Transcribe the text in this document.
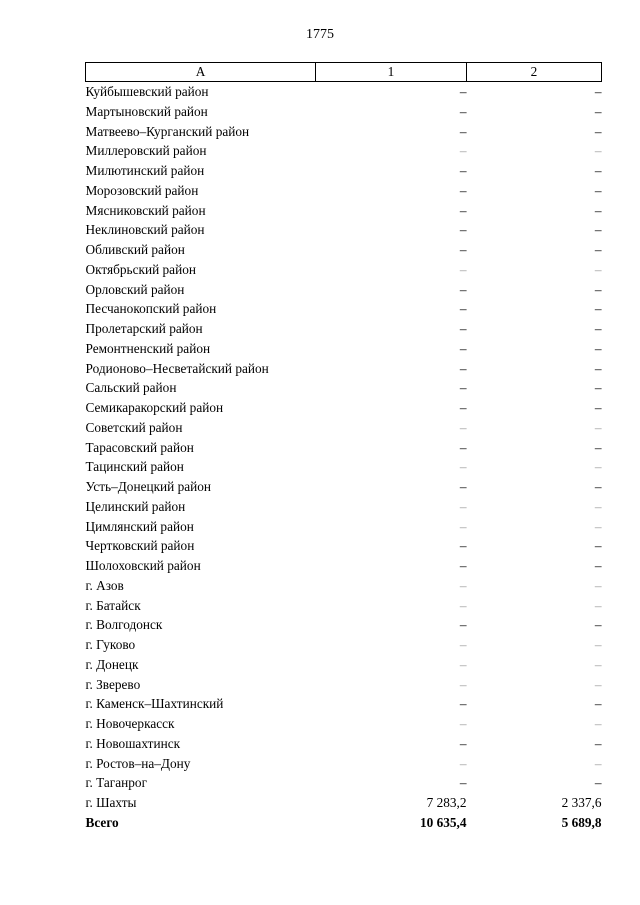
1775
А	1	2
Куйбышевский район	–	–
Мартыновский район	–	–
Матвеево–Курганский район	–	–
Миллеровский район	–	–
Милютинский район	–	–
Морозовский район	–	–
Мясниковский район	–	–
Неклиновский район	–	–
Обливский район	–	–
Октябрьский район	–	–
Орловский район	–	–
Песчанокопский район	–	–
Пролетарский район	–	–
Ремонтненский район	–	–
Родионово–Несветайский район	–	–
Сальский район	–	–
Семикаракорский район	–	–
Советский район	–	–
Тарасовский район	–	–
Тацинский район	–	–
Усть–Донецкий район	–	–
Целинский район	–	–
Цимлянский район	–	–
Чертковский район	–	–
Шолоховский район	–	–
г. Азов	–	–
г. Батайск	–	–
г. Волгодонск	–	–
г. Гуково	–	–
г. Донецк	–	–
г. Зверево	–	–
г. Каменск–Шахтинский	–	–
г. Новочеркасск	–	–
г. Новошахтинск	–	–
г. Ростов–на–Дону	–	–
г. Таганрог	–	–
г. Шахты	7 283,2	2 337,6
Всего	10 635,4	5 689,8
